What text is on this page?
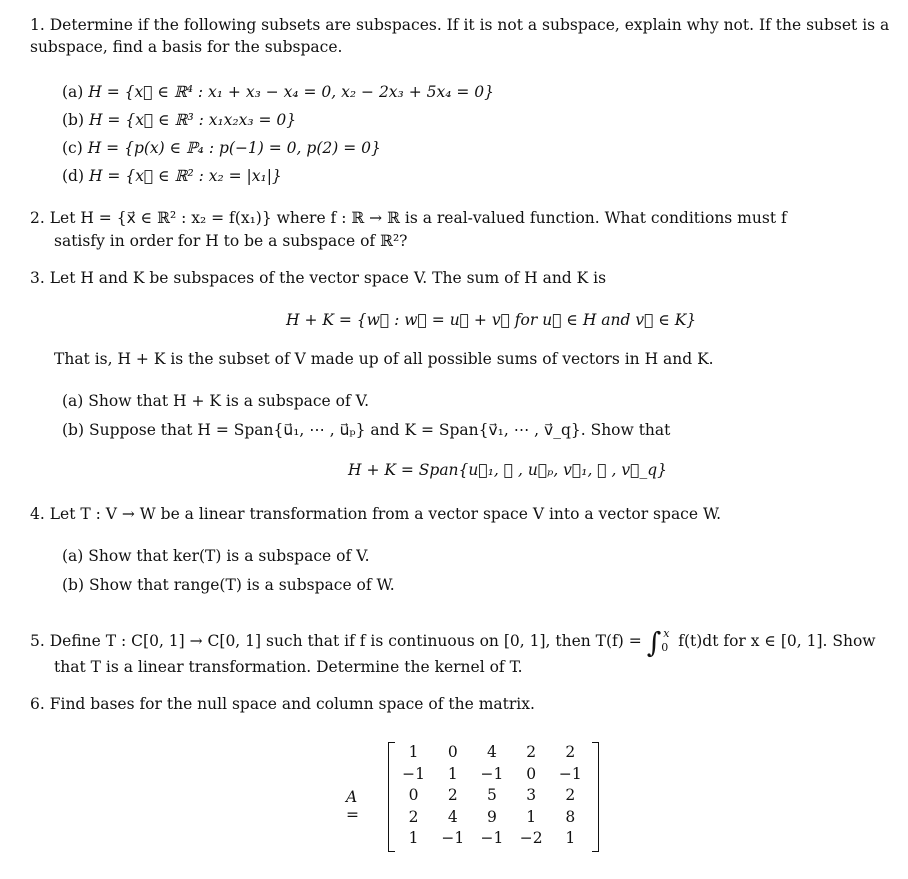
1. Determine if the following subsets are subspaces. If it is not a subspace, explain why not. If the subset is a subspace, find a basis for the subspace.
(a) H = {x⃗ ∈ ℝ⁴ : x₁ + x₃ − x₄ = 0, x₂ − 2x₃ + 5x₄ = 0}
(b) H = {x⃗ ∈ ℝ³ : x₁x₂x₃ = 0}
(c) H = {p(x) ∈ ℙ₄ : p(−1) = 0, p(2) = 0}
(d) H = {x⃗ ∈ ℝ² : x₂ = |x₁|}
2. Let H = {x⃗ ∈ ℝ² : x₂ = f(x₁)} where f : ℝ → ℝ is a real-valued function. What conditions must f
satisfy in order for H to be a subspace of ℝ²?
3. Let H and K be subspaces of the vector space V. The sum of H and K is
H + K = {w⃗ : w⃗ = u⃗ + v⃗ for u⃗ ∈ H and v⃗ ∈ K}
That is, H + K is the subset of V made up of all possible sums of vectors in H and K.
(a) Show that H + K is a subspace of V.
(b) Suppose that H = Span{u⃗₁, ⋯ , u⃗ₚ} and K = Span{v⃗₁, ⋯ , v⃗_q}. Show that
H + K = Span{u⃗₁, ⋯ , u⃗ₚ, v⃗₁, ⋯ , v⃗_q}
4. Let T : V → W be a linear transformation from a vector space V into a vector space W.
(a) Show that ker(T) is a subspace of V.
(b) Show that range(T) is a subspace of W.
5. Define T : C[0, 1] → C[0, 1] such that if f is continuous on [0, 1], then T(f) = ∫ x
0 f(t)dt for x ∈ [0, 1]. Show
that T is a linear transformation. Determine the kernel of T.
6. Find bases for the null space and column space of the matrix.
A =
1	0	4	2	2
−1	1	−1	0	−1
0	2	5	3	2
2	4	9	1	8
1	−1	−1	−2	1
